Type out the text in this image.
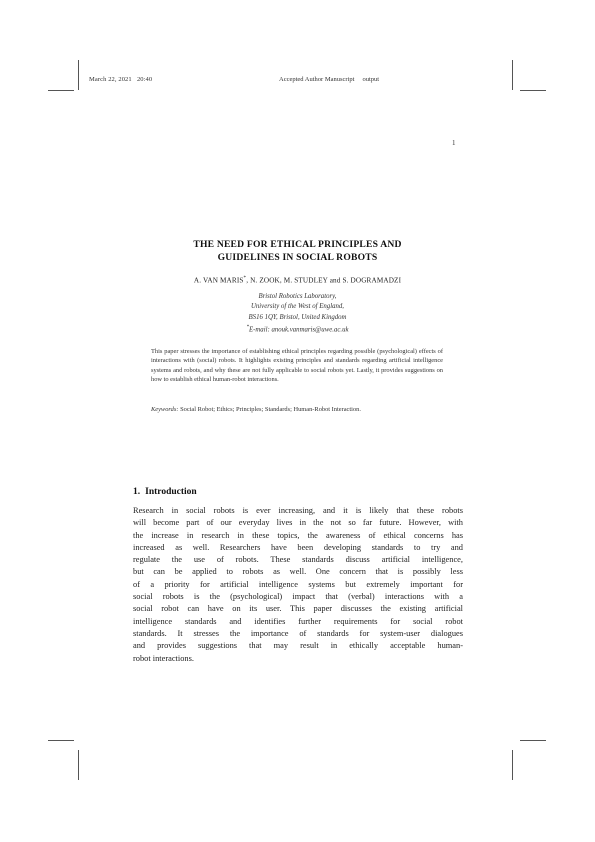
March 22, 2021 20:40	Accepted Author Manuscript output
1
THE NEED FOR ETHICAL PRINCIPLES AND
GUIDELINES IN SOCIAL ROBOTS
A. VAN MARIS*, N. ZOOK, M. STUDLEY and S. DOGRAMADZI
Bristol Robotics Laboratory,
University of the West of England,
BS16 1QY, Bristol, United Kingdom
*E-mail: anouk.vanmaris@uwe.ac.uk
This paper stresses the importance of establishing ethical principles regarding possible (psychological) effects of interactions with (social) robots. It highlights existing principles and standards regarding artificial intelligence systems and robots, and why these are not fully applicable to social robots yet. Lastly, it provides suggestions on how to establish ethical human-robot interactions.
Keywords: Social Robot; Ethics; Principles; Standards; Human-Robot Interaction.
1. Introduction
Research in social robots is ever increasing, and it is likely that these robots
will become part of our everyday lives in the not so far future. However, with
the increase in research in these topics, the awareness of ethical concerns has
increased as well. Researchers have been developing standards to try and
regulate the use of robots. These standards discuss artificial intelligence,
but can be applied to robots as well. One concern that is possibly less
of a priority for artificial intelligence systems but extremely important for
social robots is the (psychological) impact that (verbal) interactions with a
social robot can have on its user. This paper discusses the existing artificial
intelligence standards and identifies further requirements for social robot
standards. It stresses the importance of standards for system-user dialogues
and provides suggestions that may result in ethically acceptable human-
robot interactions.
